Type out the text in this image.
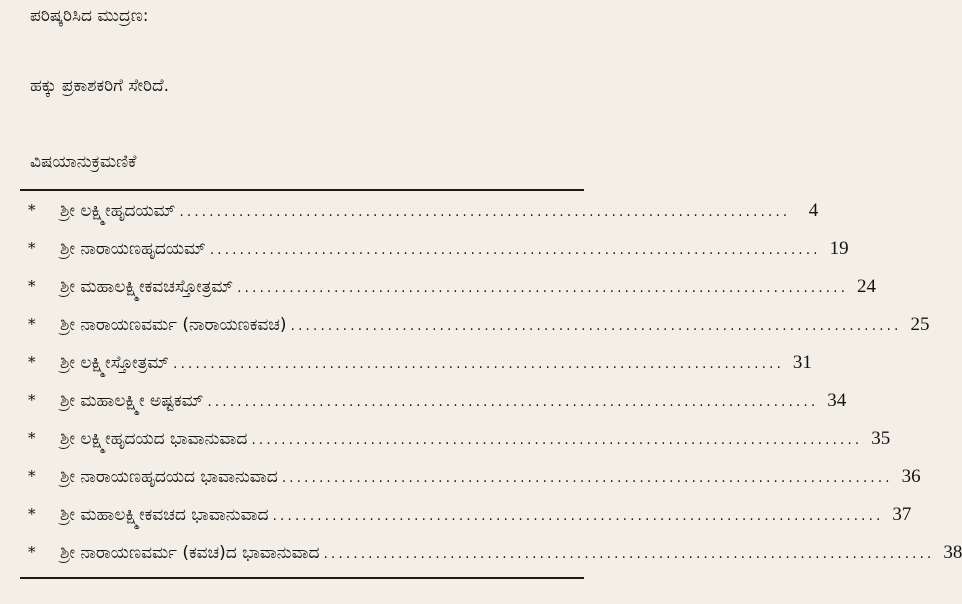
ಪರಿಷ್ಕರಿಸಿದ ಮುದ್ರಣ:
ಹಕ್ಕು ಪ್ರಕಾಶಕರಿಗೆ ಸೇರಿದೆ.
ವಿಷಯಾನುಕ್ರಮಣಿಕೆ
* ಶ್ರೀ ಲಕ್ಷ್ಮೀಹೃದಯಮ್ .................................................................................. 4
* ಶ್ರೀ ನಾರಾಯಣಹೃದಯಮ್ .................................................................................. 19
* ಶ್ರೀ ಮಹಾಲಕ್ಷ್ಮೀಕವಚಸ್ತೋತ್ರಮ್ .................................................................................. 24
* ಶ್ರೀ ನಾರಾಯಣವರ್ಮ (ನಾರಾಯಣಕವಚ) .................................................................................. 25
* ಶ್ರೀ ಲಕ್ಷ್ಮೀಸ್ತೋತ್ರಮ್ .................................................................................. 31
* ಶ್ರೀ ಮಹಾಲಕ್ಷ್ಮೀ ಅಷ್ಟಕಮ್ .................................................................................. 34
* ಶ್ರೀ ಲಕ್ಷ್ಮೀಹೃದಯದ ಭಾವಾನುವಾದ .................................................................................. 35
* ಶ್ರೀ ನಾರಾಯಣಹೃದಯದ ಭಾವಾನುವಾದ .................................................................................. 36
* ಶ್ರೀ ಮಹಾಲಕ್ಷ್ಮೀಕವಚದ ಭಾವಾನುವಾದ .................................................................................. 37
* ಶ್ರೀ ನಾರಾಯಣವರ್ಮ (ಕವಚ)ದ ಭಾವಾನುವಾದ .................................................................................. 38
